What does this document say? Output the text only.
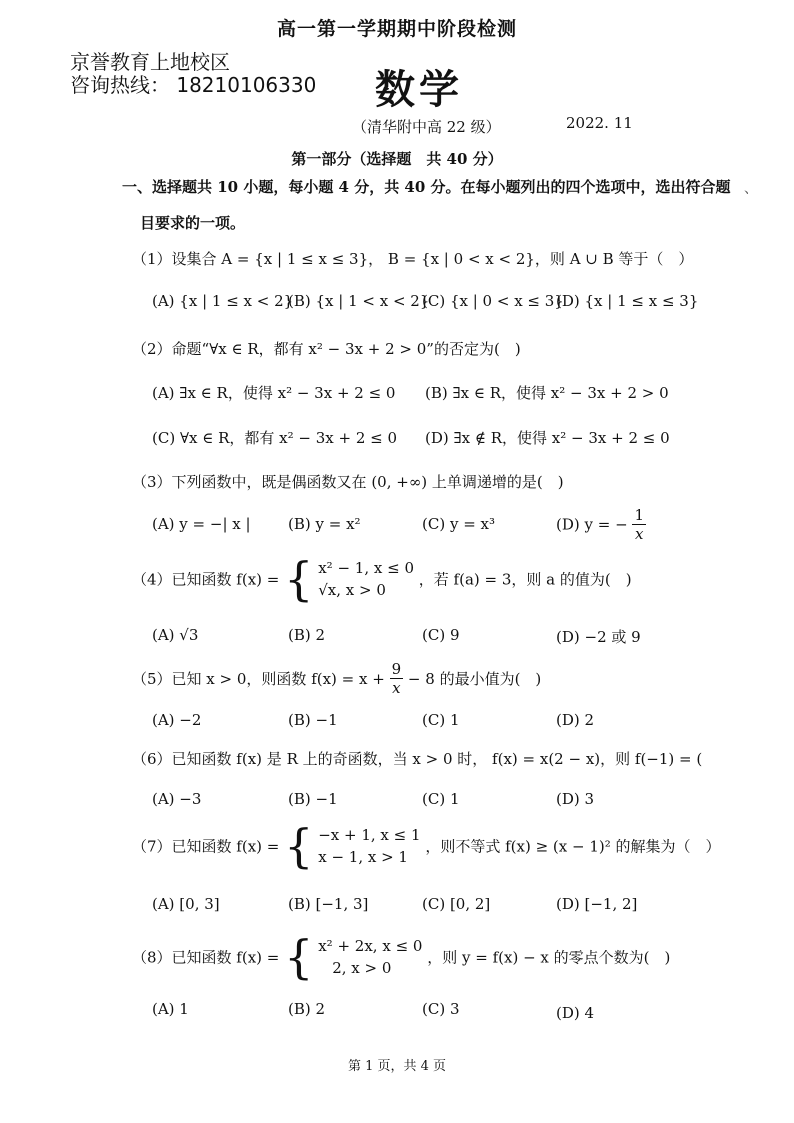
高一第一学期期中阶段检测
京誉教育上地校区
咨询热线： 18210106330 数学
（清华附中高 22 级）	2022. 11
第一部分（选择题　共 40 分）
一、选择题共 10 小题，每小题 4 分，共 40 分。在每小题列出的四个选项中，选出符合题
目要求的一项。
、
（1）设集合 A = {x | 1 ≤ x ≤ 3}， B = {x | 0 < x < 2}，则 A ∪ B 等于（　）
(A) {x | 1 ≤ x < 2}
(B) {x | 1 < x < 2}
(C) {x | 0 < x ≤ 3}
(D) {x | 1 ≤ x ≤ 3}
（2）命题“∀x ∈ R，都有 x² − 3x + 2 > 0”的否定为(　)
(A) ∃x ∈ R，使得 x² − 3x + 2 ≤ 0 (B) ∃x ∈ R，使得 x² − 3x + 2 > 0
(C) ∀x ∈ R，都有 x² − 3x + 2 ≤ 0 (D) ∃x ∉ R，使得 x² − 3x + 2 ≤ 0
（3）下列函数中，既是偶函数又在 (0, +∞) 上单调递增的是(　)
(A) y = −| x | (B) y = x²	(C) y = x³	(D) y = − $\frac{1}{x}$
（4）已知函数 f(x) = { x² − 1, x ≤ 0
√x, x > 0
，若 f(a) = 3，则 a 的值为(　)
(A) √3	(B) 2	(C) 9	(D) −2 或 9
（5）已知 x > 0，则函数 $f(x) = x + \frac{9}{x} - 8$ 的最小值为(　)
(A) −2	(B) −1	(C) 1	(D) 2
（6）已知函数 f(x) 是 R 上的奇函数，当 x > 0 时， f(x) = x(2 − x)，则 f(−1) = (
(A) −3	(B) −1	(C) 1	(D) 3
（7）已知函数 f(x) = { −x + 1, x ≤ 1
x − 1, x > 1
，则不等式 f(x) ≥ (x − 1)² 的解集为（　）
(A) [0, 3]	(B) [−1, 3]	(C) [0, 2]	(D) [−1, 2]
（8）已知函数 f(x) = { x² + 2x, x ≤ 0
2, x > 0
，则 y = f(x) − x 的零点个数为(　)
(A) 1	(B) 2	(C) 3	(D) 4
第 1 页，共 4 页
